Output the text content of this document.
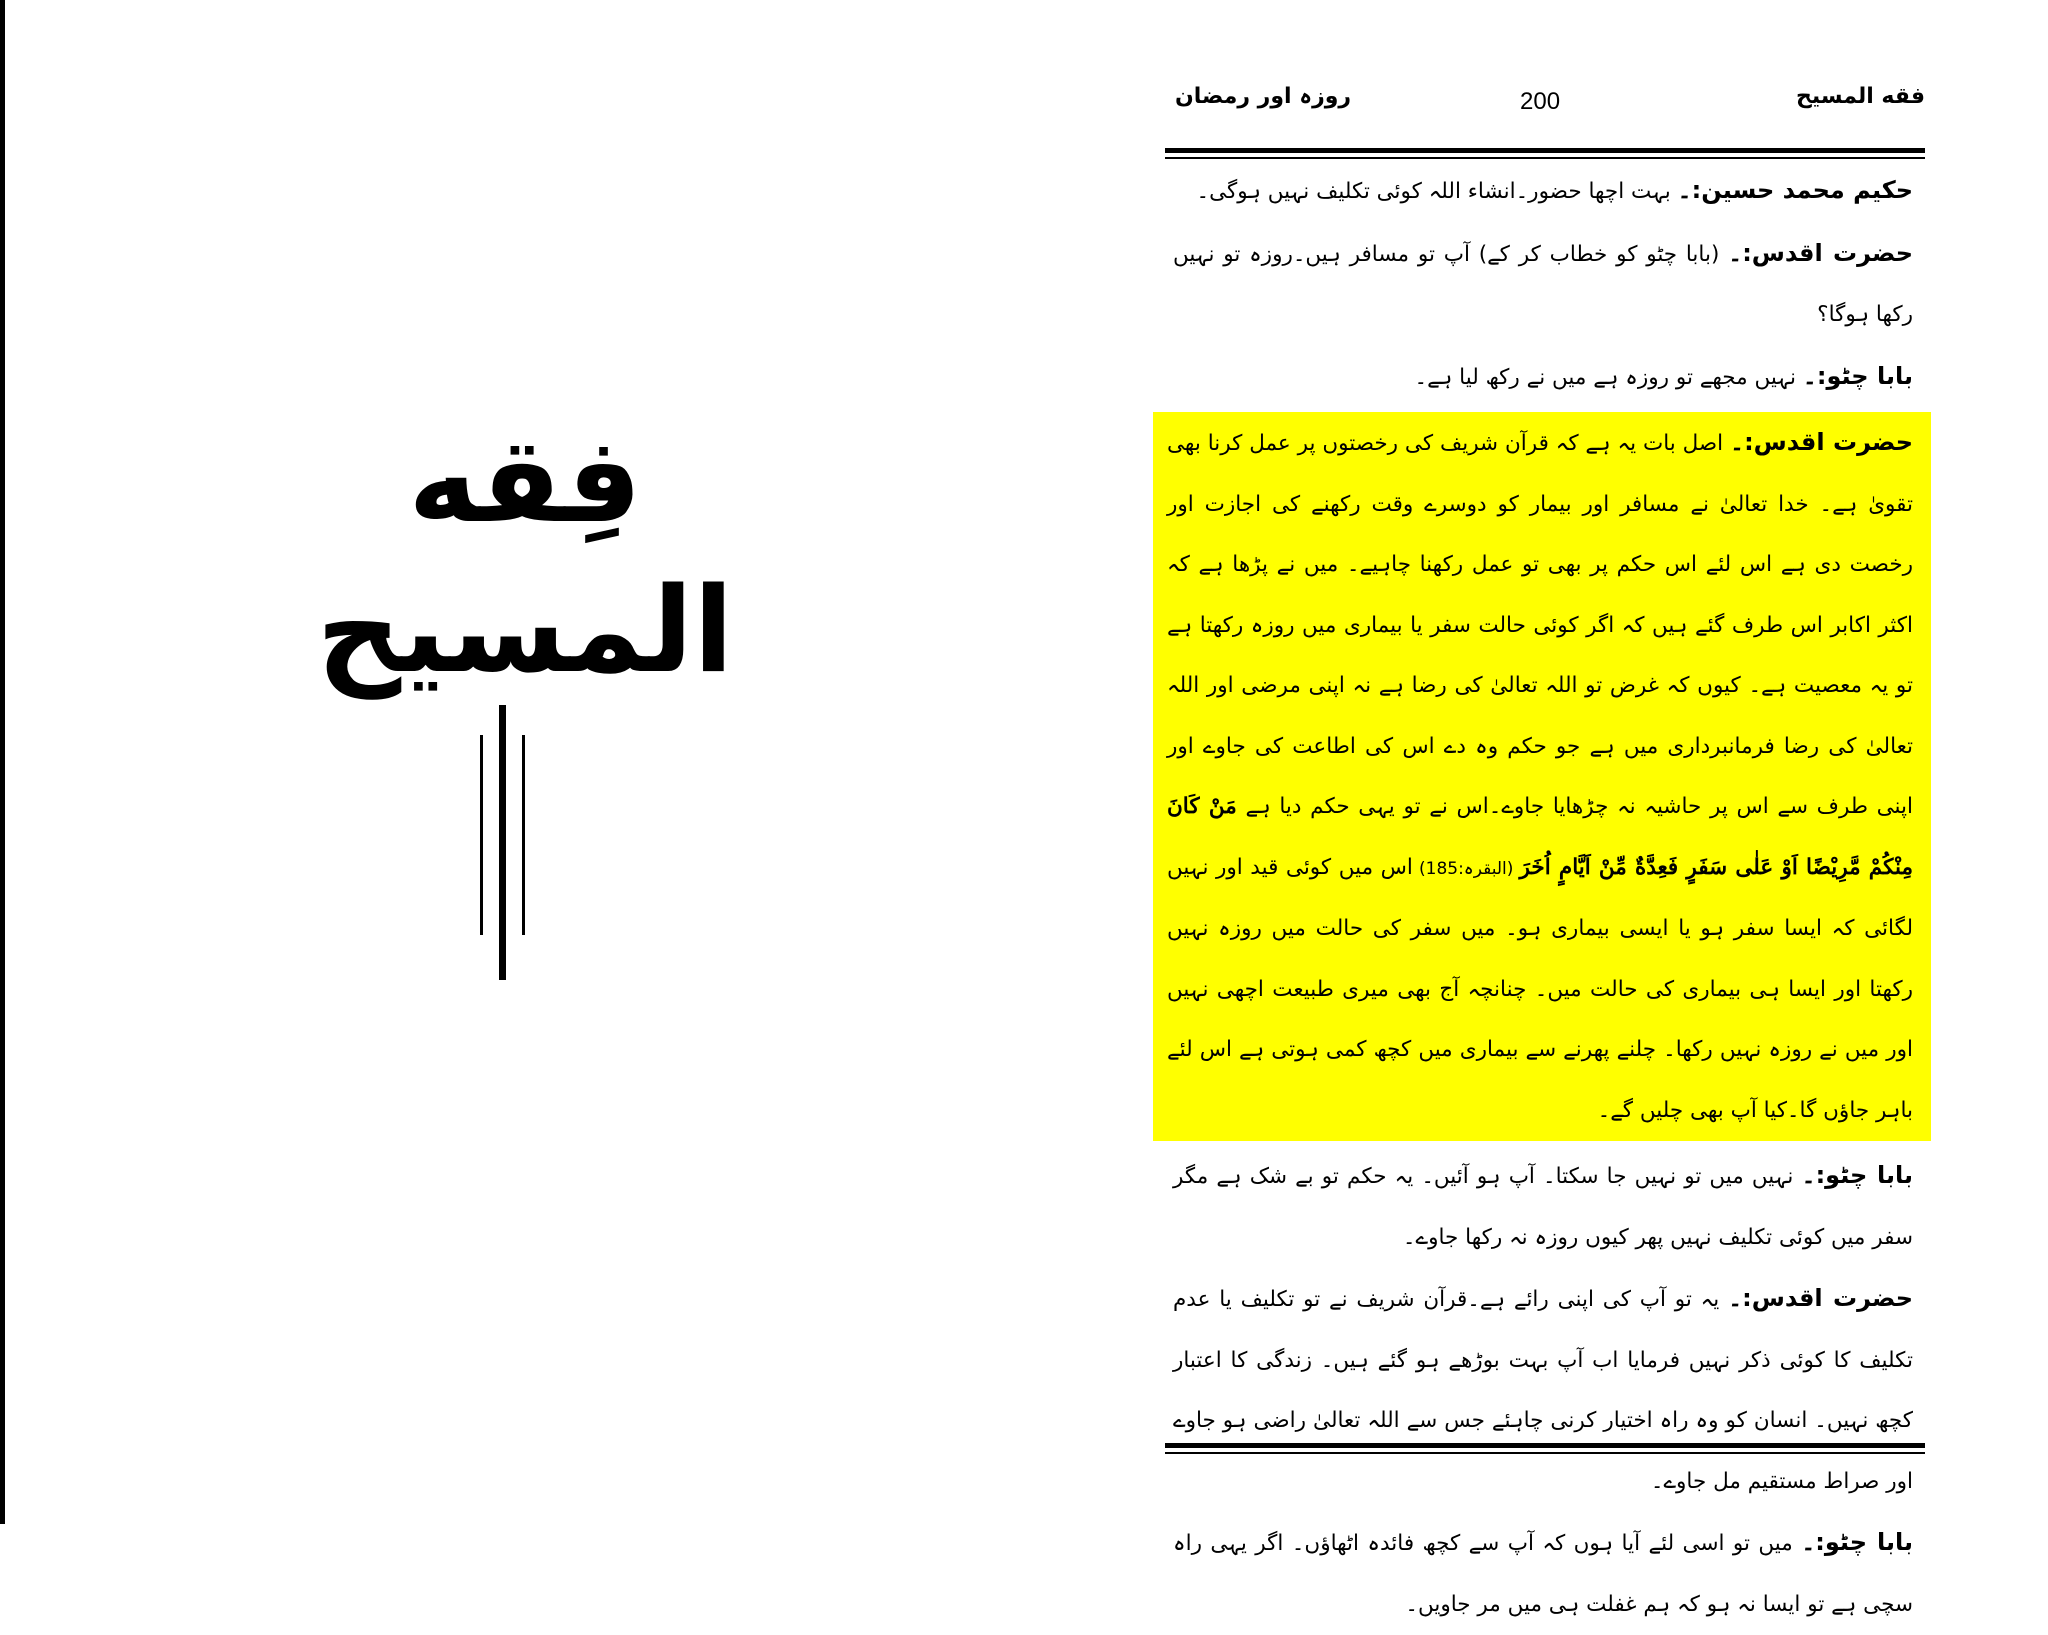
فِقه المسيح
فقه المسیح
200
روزہ اور رمضان

حکیم محمد حسین:۔ بہت اچھا حضور۔انشاء اللہ کوئی تکلیف نہیں ہوگی۔

حضرت اقدس:۔ (بابا چٹو کو خطاب کر کے) آپ تو مسافر ہیں۔روزہ تو نہیں رکھا ہوگا؟

بابا چٹو:۔ نہیں مجھے تو روزہ ہے میں نے رکھ لیا ہے۔

حضرت اقدس:۔ اصل بات یہ ہے کہ قرآن شریف کی رخصتوں پر عمل کرنا بھی تقویٰ ہے۔ خدا تعالیٰ نے مسافر اور بیمار کو دوسرے وقت رکھنے کی اجازت اور رخصت دی ہے اس لئے اس حکم پر بھی تو عمل رکھنا چاہیے۔ میں نے پڑھا ہے کہ اکثر اکابر اس طرف گئے ہیں کہ اگر کوئی حالت سفر یا بیماری میں روزہ رکھتا ہے تو یہ معصیت ہے۔ کیوں کہ غرض تو اللہ تعالیٰ کی رضا ہے نہ اپنی مرضی اور اللہ تعالیٰ کی رضا فرمانبرداری میں ہے جو حکم وہ دے اس کی اطاعت کی جاوے اور اپنی طرف سے اس پر حاشیہ نہ چڑھایا جاوے۔اس نے تو یہی حکم دیا ہے مَنْ كَانَ مِنْكُمْ مَّرِيْضًا اَوْ عَلٰى سَفَرٍ فَعِدَّةٌ مِّنْ اَيَّامٍ اُخَرَ (البقرہ:185) اس میں کوئی قید اور نہیں لگائی کہ ایسا سفر ہو یا ایسی بیماری ہو۔ میں سفر کی حالت میں روزہ نہیں رکھتا اور ایسا ہی بیماری کی حالت میں۔ چنانچہ آج بھی میری طبیعت اچھی نہیں اور میں نے روزہ نہیں رکھا۔ چلنے پھرنے سے بیماری میں کچھ کمی ہوتی ہے اس لئے باہر جاؤں گا۔کیا آپ بھی چلیں گے۔

بابا چٹو:۔ نہیں میں تو نہیں جا سکتا۔ آپ ہو آئیں۔ یہ حکم تو بے شک ہے مگر سفر میں کوئی تکلیف نہیں پھر کیوں روزہ نہ رکھا جاوے۔

حضرت اقدس:۔ یہ تو آپ کی اپنی رائے ہے۔قرآن شریف نے تو تکلیف یا عدم تکلیف کا کوئی ذکر نہیں فرمایا اب آپ بہت بوڑھے ہو گئے ہیں۔ زندگی کا اعتبار کچھ نہیں۔ انسان کو وہ راہ اختیار کرنی چاہئے جس سے اللہ تعالیٰ راضی ہو جاوے اور صراط مستقیم مل جاوے۔

بابا چٹو:۔ میں تو اسی لئے آیا ہوں کہ آپ سے کچھ فائدہ اٹھاؤں۔ اگر یہی راہ سچی ہے تو ایسا نہ ہو کہ ہم غفلت ہی میں مر جاویں۔
